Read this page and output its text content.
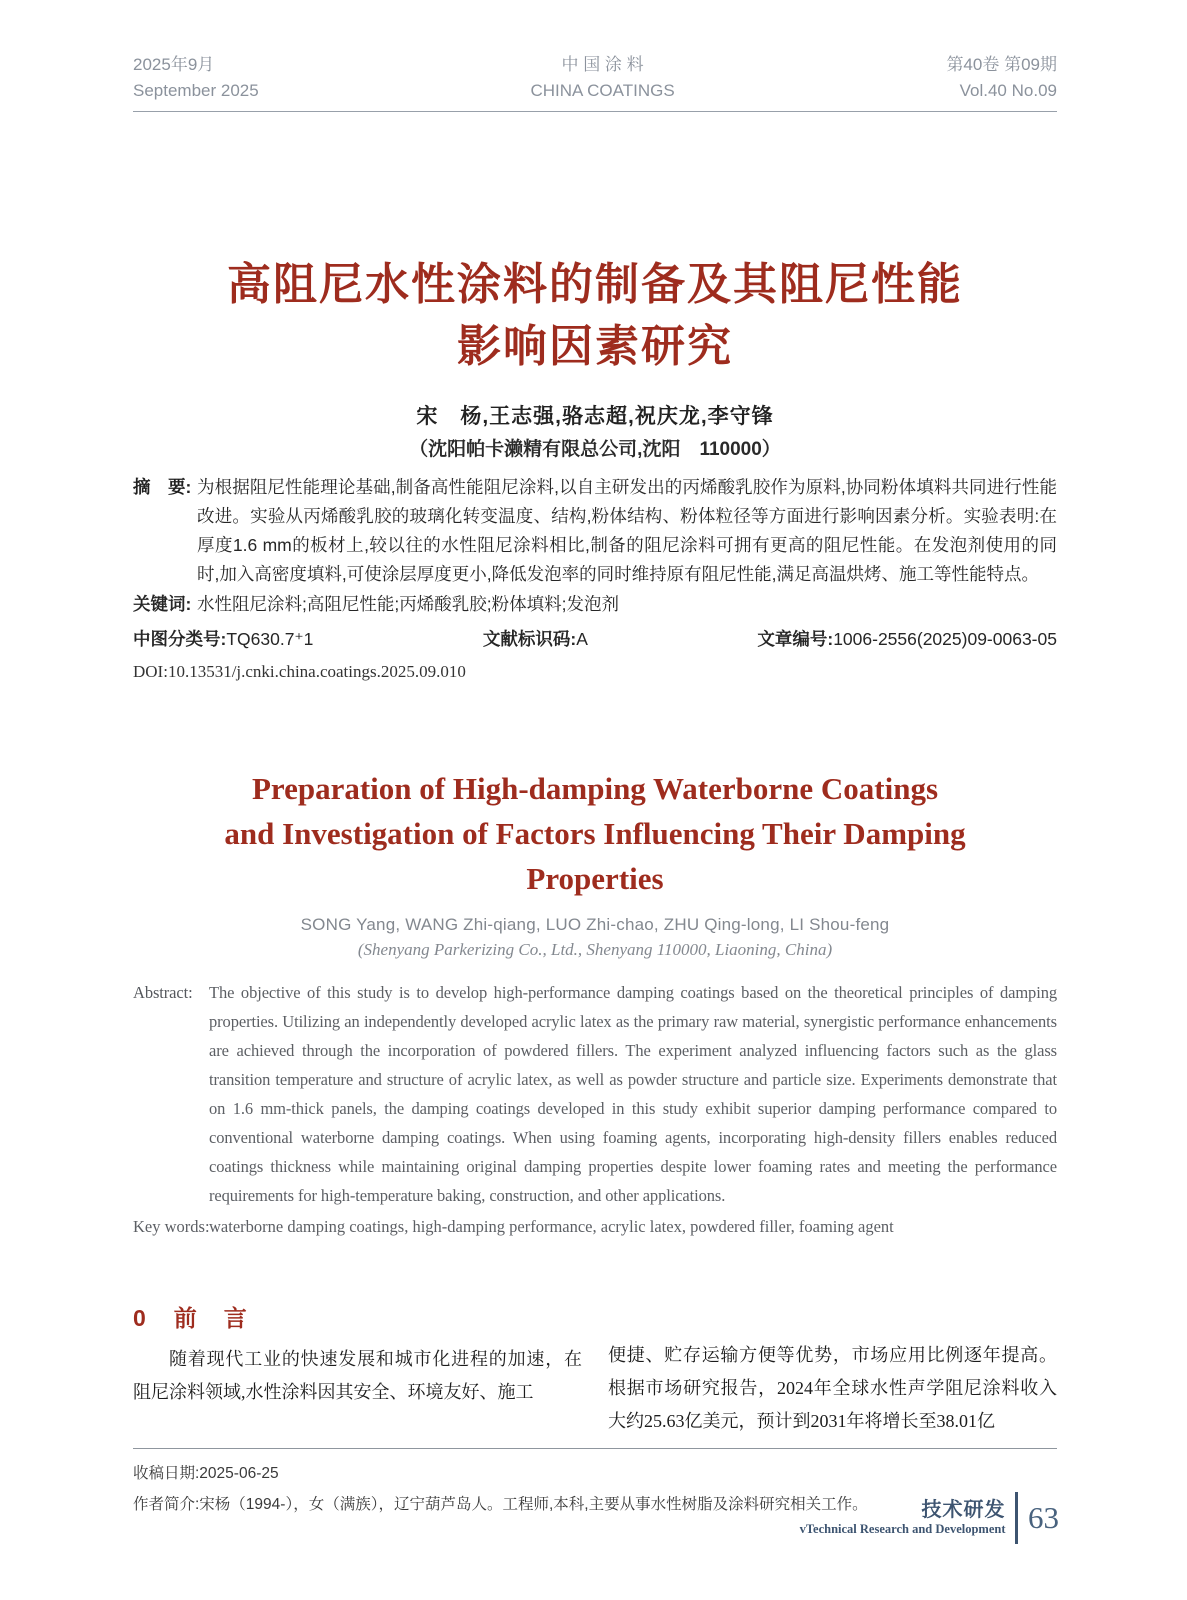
2025年9月
September 2025
中 国 涂 料
CHINA COATINGS
第40卷 第09期
Vol.40 No.09
高阻尼水性涂料的制备及其阻尼性能
影响因素研究
宋　杨,王志强,骆志超,祝庆龙,李守锋
（沈阳帕卡濑精有限总公司,沈阳　110000）
摘　要: 为根据阻尼性能理论基础,制备高性能阻尼涂料,以自主研发出的丙烯酸乳胶作为原料,协同粉体填料共同进行性能改进。实验从丙烯酸乳胶的玻璃化转变温度、结构,粉体结构、粉体粒径等方面进行影响因素分析。实验表明:在厚度1.6 mm的板材上,较以往的水性阻尼涂料相比,制备的阻尼涂料可拥有更高的阻尼性能。在发泡剂使用的同时,加入高密度填料,可使涂层厚度更小,降低发泡率的同时维持原有阻尼性能,满足高温烘烤、施工等性能特点。
关键词: 水性阻尼涂料;高阻尼性能;丙烯酸乳胶;粉体填料;发泡剂
中图分类号:TQ630.7⁺1	文献标识码:A	文章编号:1006-2556(2025)09-0063-05
DOI:10.13531/j.cnki.china.coatings.2025.09.010
Preparation of High-damping Waterborne Coatings
and Investigation of Factors Influencing Their Damping
Properties
SONG Yang, WANG Zhi-qiang, LUO Zhi-chao, ZHU Qing-long, LI Shou-feng
(Shenyang Parkerizing Co., Ltd., Shenyang 110000, Liaoning, China)
Abstract: The objective of this study is to develop high-performance damping coatings based on the theoretical principles of damping properties. Utilizing an independently developed acrylic latex as the primary raw material, synergistic performance enhancements are achieved through the incorporation of powdered fillers. The experiment analyzed influencing factors such as the glass transition temperature and structure of acrylic latex, as well as powder structure and particle size. Experiments demonstrate that on 1.6 mm-thick panels, the damping coatings developed in this study exhibit superior damping performance compared to conventional waterborne damping coatings. When using foaming agents, incorporating high-density fillers enables reduced coatings thickness while maintaining original damping properties despite lower foaming rates and meeting the performance requirements for high-temperature baking, construction, and other applications.
Key words: waterborne damping coatings, high-damping performance, acrylic latex, powdered filler, foaming agent
0 前　言
随着现代工业的快速发展和城市化进程的加速，在阻尼涂料领域,水性涂料因其安全、环境友好、施工
便捷、贮存运输方便等优势，市场应用比例逐年提高。根据市场研究报告，2024年全球水性声学阻尼涂料收入大约25.63亿美元，预计到2031年将增长至38.01亿
收稿日期:2025-06-25
作者简介:宋杨（1994-），女（满族），辽宁葫芦岛人。工程师,本科,主要从事水性树脂及涂料研究相关工作。	技术研发
vTechnical Research and Development 63
